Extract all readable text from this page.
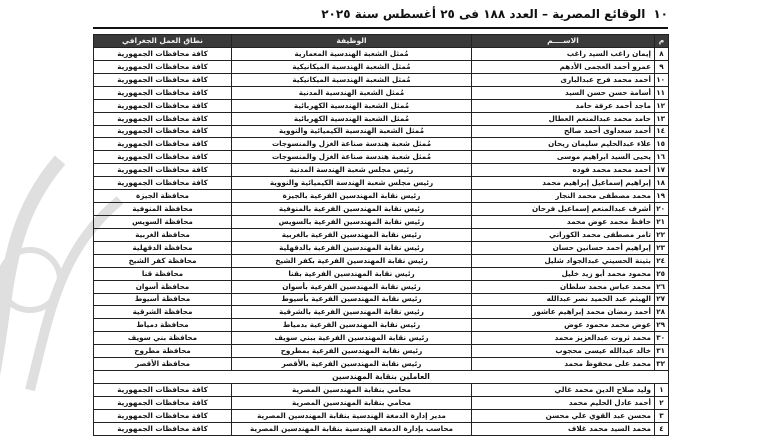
١٠
الوقائع المصرية – العدد ١٨٨ فى ٢٥ أغسطس سنة ٢٠٢٥
م	الاســــم	الوظيفة	نطاق العمل الجغرافي
٨	إيمان راغب السيد راغب	مُمثل الشعبة الهندسية المعمارية	كافة محافظات الجمهورية
٩	عمرو أحمد العجمى الأدهم	مُمثل الشعبة الهندسية الميكانيكية	كافة محافظات الجمهورية
١٠	أحمد محمد فرج عبدالبارى	مُمثل الشعبة الهندسية الميكانيكية	كافة محافظات الجمهورية
١١	أسامة حسن حسن السيد	مُمثل الشعبة الهندسية المدنية	كافة محافظات الجمهورية
١٢	ماجد أحمد عرفة حامد	مُمثل الشعبة الهندسية الكهربائية	كافة محافظات الجمهورية
١٣	حامد محمد عبدالمنعم العطال	مُمثل الشعبة الهندسية الكهربائية	كافة محافظات الجمهورية
١٤	أحمد سعداوى أحمد صالح	مُمثل الشعبة الهندسية الكيميائية والنووية	كافة محافظات الجمهورية
١٥	علاء عبدالحليم سليمان ريحان	مُمثل شعبة هندسة صناعة الغزل والمنسوجات	كافة محافظات الجمهورية
١٦	يحيى السيد ابراهيم موسى	مُمثل شعبة هندسة صناعة الغزل والمنسوجات	كافة محافظات الجمهورية
١٧	أحمد محمد محمد فوده	رئيس مجلس شعبة الهندسة المدنية	كافة محافظات الجمهورية
١٨	إبراهيم إسماعيل إبراهيم محمد	رئيس مجلس شعبة الهندسة الكيميائية والنووية	كافة محافظات الجمهورية
١٩	محمد مصطفى محمد النجار	رئيس نقابة المهندسين الفرعية بالجيزة	محافظة الجيزة
٢٠	أشرف عبدالمنعم إسماعيل فرحان	رئيس نقابة المهندسين الفرعية بالمنوفية	محافظة المنوفية
٢١	حافظ محمد عوض محمد	رئيس نقابة المهندسين الفرعية بالسويس	محافظة السويس
٢٢	تامر مصطفى محمد الكوراني	رئيس نقابة المهندسين الفرعية بالغربية	محافظة الغربية
٢٣	إبراهيم أحمد حسانين حسان	رئيس نقابة المهندسين الفرعية بالدقهلية	محافظة الدقهلية
٢٤	بثينة الحسيني عبدالجواد شليل	رئيس نقابة المهندسين الفرعية بكفر الشيخ	محافظة كفر الشيخ
٢٥	محمود محمد أبو زيد خليل	رئيس نقابة المهندسين الفرعية بقنا	محافظة قنا
٢٦	محمد عباس محمد سلطان	رئيس نقابة المهندسين الفرعية بأسوان	محافظة أسوان
٢٧	الهيثم عبد الحميد نصر عبدالله	رئيس نقابة المهندسين الفرعية بأسيوط	محافظة أسيوط
٢٨	أحمد رمضان محمد إبراهيم عاشور	رئيس نقابة المهندسين الفرعية بالشرقية	محافظة الشرقية
٢٩	عوض محمد محمود عوض	رئيس نقابة المهندسين الفرعية بدمياط	محافظة دمياط
٣٠	محمد ثروت عبدالعزيز محمد	رئيس نقابة المهندسين الفرعية ببني سويف	محافظة بني سويف
٣١	خالد عبدالله عيسى محجوب	رئيس نقابة المهندسين الفرعية بمطروح	محافظة مطروح
٣٢	محمد على محفوظ محمد	رئيس نقابة المهندسين الفرعية بالأقصر	محافظة الأقصر
العاملين بنقابة المهندسين			
١	وليد صلاح الدين محمد غالي	محامي بنقابة المهندسين المصرية	كافة محافظات الجمهورية
٢	أحمد عادل الحليم محمد	محامي بنقابة المهندسين المصرية	كافة محافظات الجمهورية
٣	محسن عبد القوي علي محسن	مدير إدارة الدمغة الهندسية بنقابة المهندسين المصرية	كافة محافظات الجمهورية
٤	محمد السيد محمد غلاف	محاسب بإدارة الدمغة الهندسية بنقابة المهندسين المصرية	كافة محافظات الجمهورية
